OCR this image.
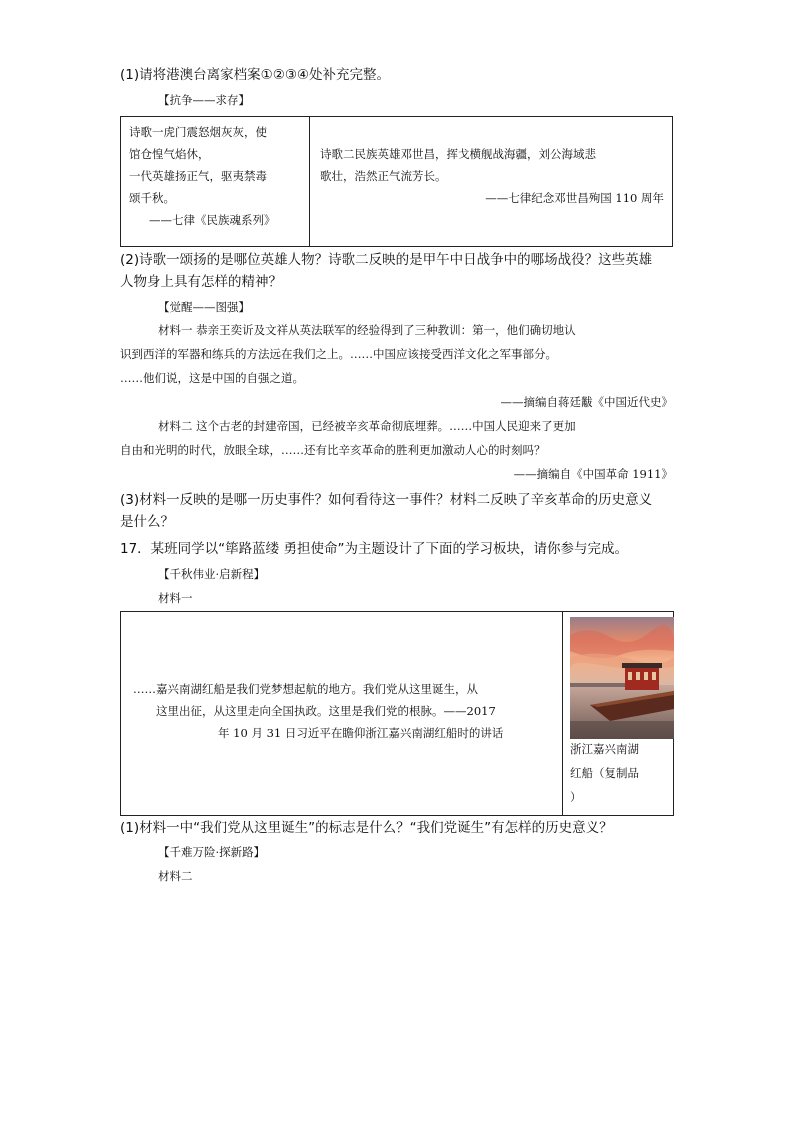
(1)请将港澳台离家档案①②③④处补充完整。
【抗争——求存】
诗歌一虎门震怒烟灰灰，使
馆仓惶气焰休，
一代英雄扬正气，驱夷禁毒
颂千秋。
——七律《民族魂系列》
诗歌二民族英雄邓世昌，挥戈横舰战海疆，刘公海域悲
歌壮，浩然正气流芳长。
——七律纪念邓世昌殉国 110 周年
(2)诗歌一颂扬的是哪位英雄人物？诗歌二反映的是甲午中日战争中的哪场战役？这些英雄
人物身上具有怎样的精神？
【觉醒——图强】
材料一 恭亲王奕䜣及文祥从英法联军的经验得到了三种教训：第一，他们确切地认
识到西洋的军器和练兵的方法远在我们之上。……中国应该接受西洋文化之军事部分。
……他们说，这是中国的自强之道。
——摘编自蒋廷黻《中国近代史》
材料二 这个古老的封建帝国，已经被辛亥革命彻底埋葬。……中国人民迎来了更加
自由和光明的时代，放眼全球，……还有比辛亥革命的胜利更加激动人心的时刻吗？
——摘编自《中国革命 1911》
(3)材料一反映的是哪一历史事件？如何看待这一事件？材料二反映了辛亥革命的历史意义
是什么？
17．某班同学以“筚路蓝缕 勇担使命”为主题设计了下面的学习板块，请你参与完成。
【千秋伟业·启新程】
材料一
……嘉兴南湖红船是我们党梦想起航的地方。我们党从这里诞生，从
这里出征，从这里走向全国执政。这里是我们党的根脉。——2017
年 10 月 31 日习近平在瞻仰浙江嘉兴南湖红船时的讲话
浙江嘉兴南湖
红船（复制品
）
(1)材料一中“我们党从这里诞生”的标志是什么？“我们党诞生”有怎样的历史意义？
【千难万险·探新路】
材料二
